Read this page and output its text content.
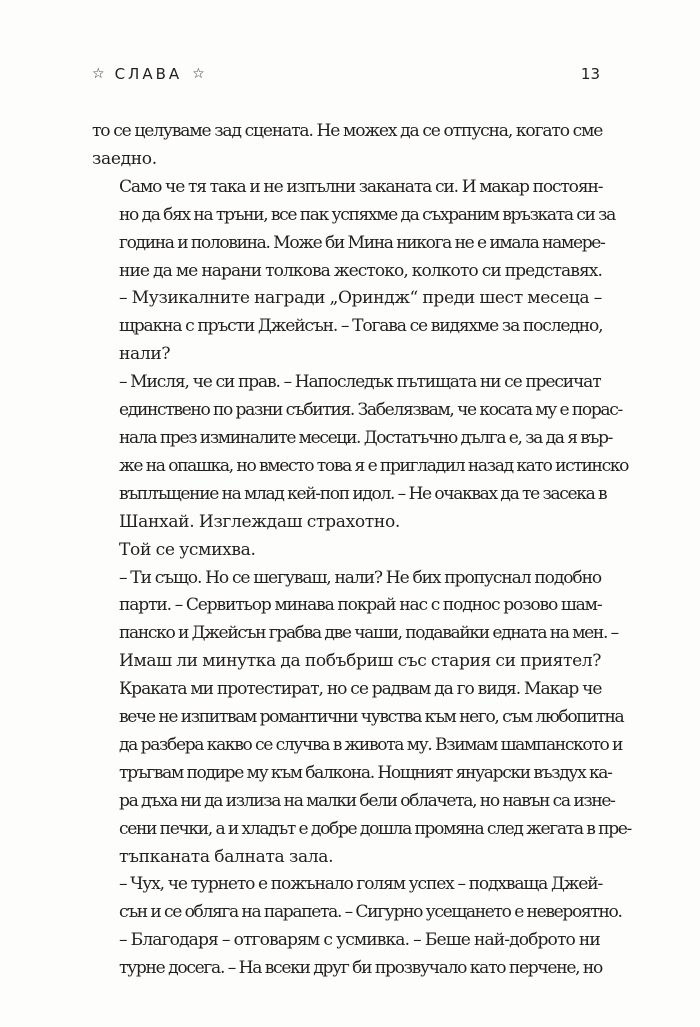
☆ СЛАВА ☆	13

то се целуваме зад сцената. Не можех да се отпусна, когато сме
заедно.

Само че тя така и не изпълни заканата си. И макар постоян-
но да бях на тръни, все пак успяхме да съхраним връзката си за
година и половина. Може би Мина никога не е имала намере-
ние да ме нарани толкова жестоко, колкото си представях.

– Музикалните награди „Ориндж“ преди шест месеца –
щракна с пръсти Джейсън. – Тогава се видяхме за последно,
нали?

– Мисля, че си прав. – Напоследък пътищата ни се пресичат
единствено по разни събития. Забелязвам, че косата му е порас-
нала през изминалите месеци. Достатъчно дълга е, за да я вър-
же на опашка, но вместо това я е пригладил назад като истинско
въплъщение на млад кей-поп идол. – Не очаквах да те засека в
Шанхай. Изглеждаш страхотно.

Той се усмихва.

– Ти също. Но се шегуваш, нали? Не бих пропуснал подобно
парти. – Сервитьор минава покрай нас с поднос розово шам-
панско и Джейсън грабва две чаши, подавайки едната на мен. –
Имаш ли минутка да побъбриш със стария си приятел?

Краката ми протестират, но се радвам да го видя. Макар че
вече не изпитвам романтични чувства към него, съм любопитна
да разбера какво се случва в живота му. Взимам шампанското и
тръгвам подире му към балкона. Нощният януарски въздух ка-
ра дъха ни да излиза на малки бели облачета, но навън са изне-
сени печки, а и хладът е добре дошла промяна след жегата в пре-
тъпканата балната зала.

– Чух, че турнето е пожънало голям успех – подхваща Джей-
сън и се обляга на парапета. – Сигурно усещането е невероятно.

– Благодаря – отговарям с усмивка. – Беше най-доброто ни
турне досега. – На всеки друг би прозвучало като перчене, но
